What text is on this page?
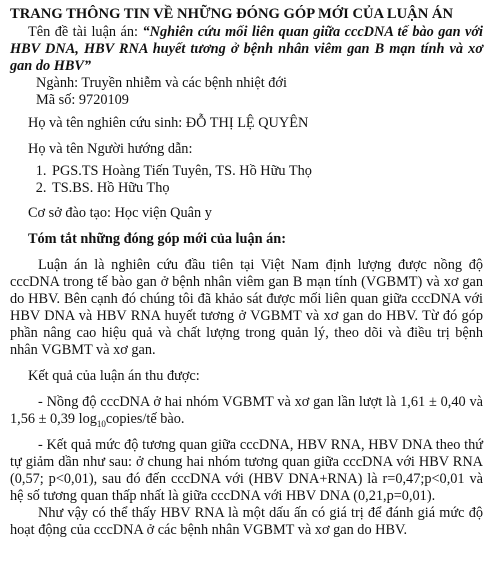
TRANG THÔNG TIN VỀ NHỮNG ĐÓNG GÓP MỚI CỦA LUẬN ÁN

Tên đề tài luận án: “Nghiên cứu mối liên quan giữa cccDNA tế bào gan với HBV DNA, HBV RNA huyết tương ở bệnh nhân viêm gan B mạn tính và xơ gan do HBV”

Ngành: Truyền nhiễm và các bệnh nhiệt đới

Mã số: 9720109

Họ và tên nghiên cứu sinh: ĐỖ THỊ LỆ QUYÊN

Họ và tên Người hướng dẫn:

1. PGS.TS Hoàng Tiến Tuyên, TS. Hồ Hữu Thọ
2. TS.BS. Hồ Hữu Thọ

Cơ sở đào tạo: Học viện Quân y

Tóm tắt những đóng góp mới của luận án:

Luận án là nghiên cứu đầu tiên tại Việt Nam định lượng được nồng độ cccDNA trong tế bào gan ở bệnh nhân viêm gan B mạn tính (VGBMT) và xơ gan do HBV. Bên cạnh đó chúng tôi đã khảo sát được mối liên quan giữa cccDNA với HBV DNA và HBV RNA huyết tương ở VGBMT và xơ gan do HBV. Từ đó góp phần nâng cao hiệu quả và chất lượng trong quản lý, theo dõi và điều trị bệnh nhân VGBMT và xơ gan.

Kết quả của luận án thu được:

- Nồng độ cccDNA ở hai nhóm VGBMT và xơ gan lần lượt là 1,61 ± 0,40 và 1,56 ± 0,39 $\log_{10}copies/tế$ bào.

- Kết quả mức độ tương quan giữa cccDNA, HBV RNA, HBV DNA theo thứ tự giảm dần như sau: ở chung hai nhóm tương quan giữa cccDNA với HBV RNA (0,57; p<0,01), sau đó đến cccDNA với (HBV DNA+RNA) là r=0,47;p<0,01 và hệ số tương quan thấp nhất là giữa cccDNA với HBV DNA (0,21,p=0,01).

Như vậy có thể thấy HBV RNA là một dấu ấn có giá trị để đánh giá mức độ hoạt động của cccDNA ở các bệnh nhân VGBMT và xơ gan do HBV.
